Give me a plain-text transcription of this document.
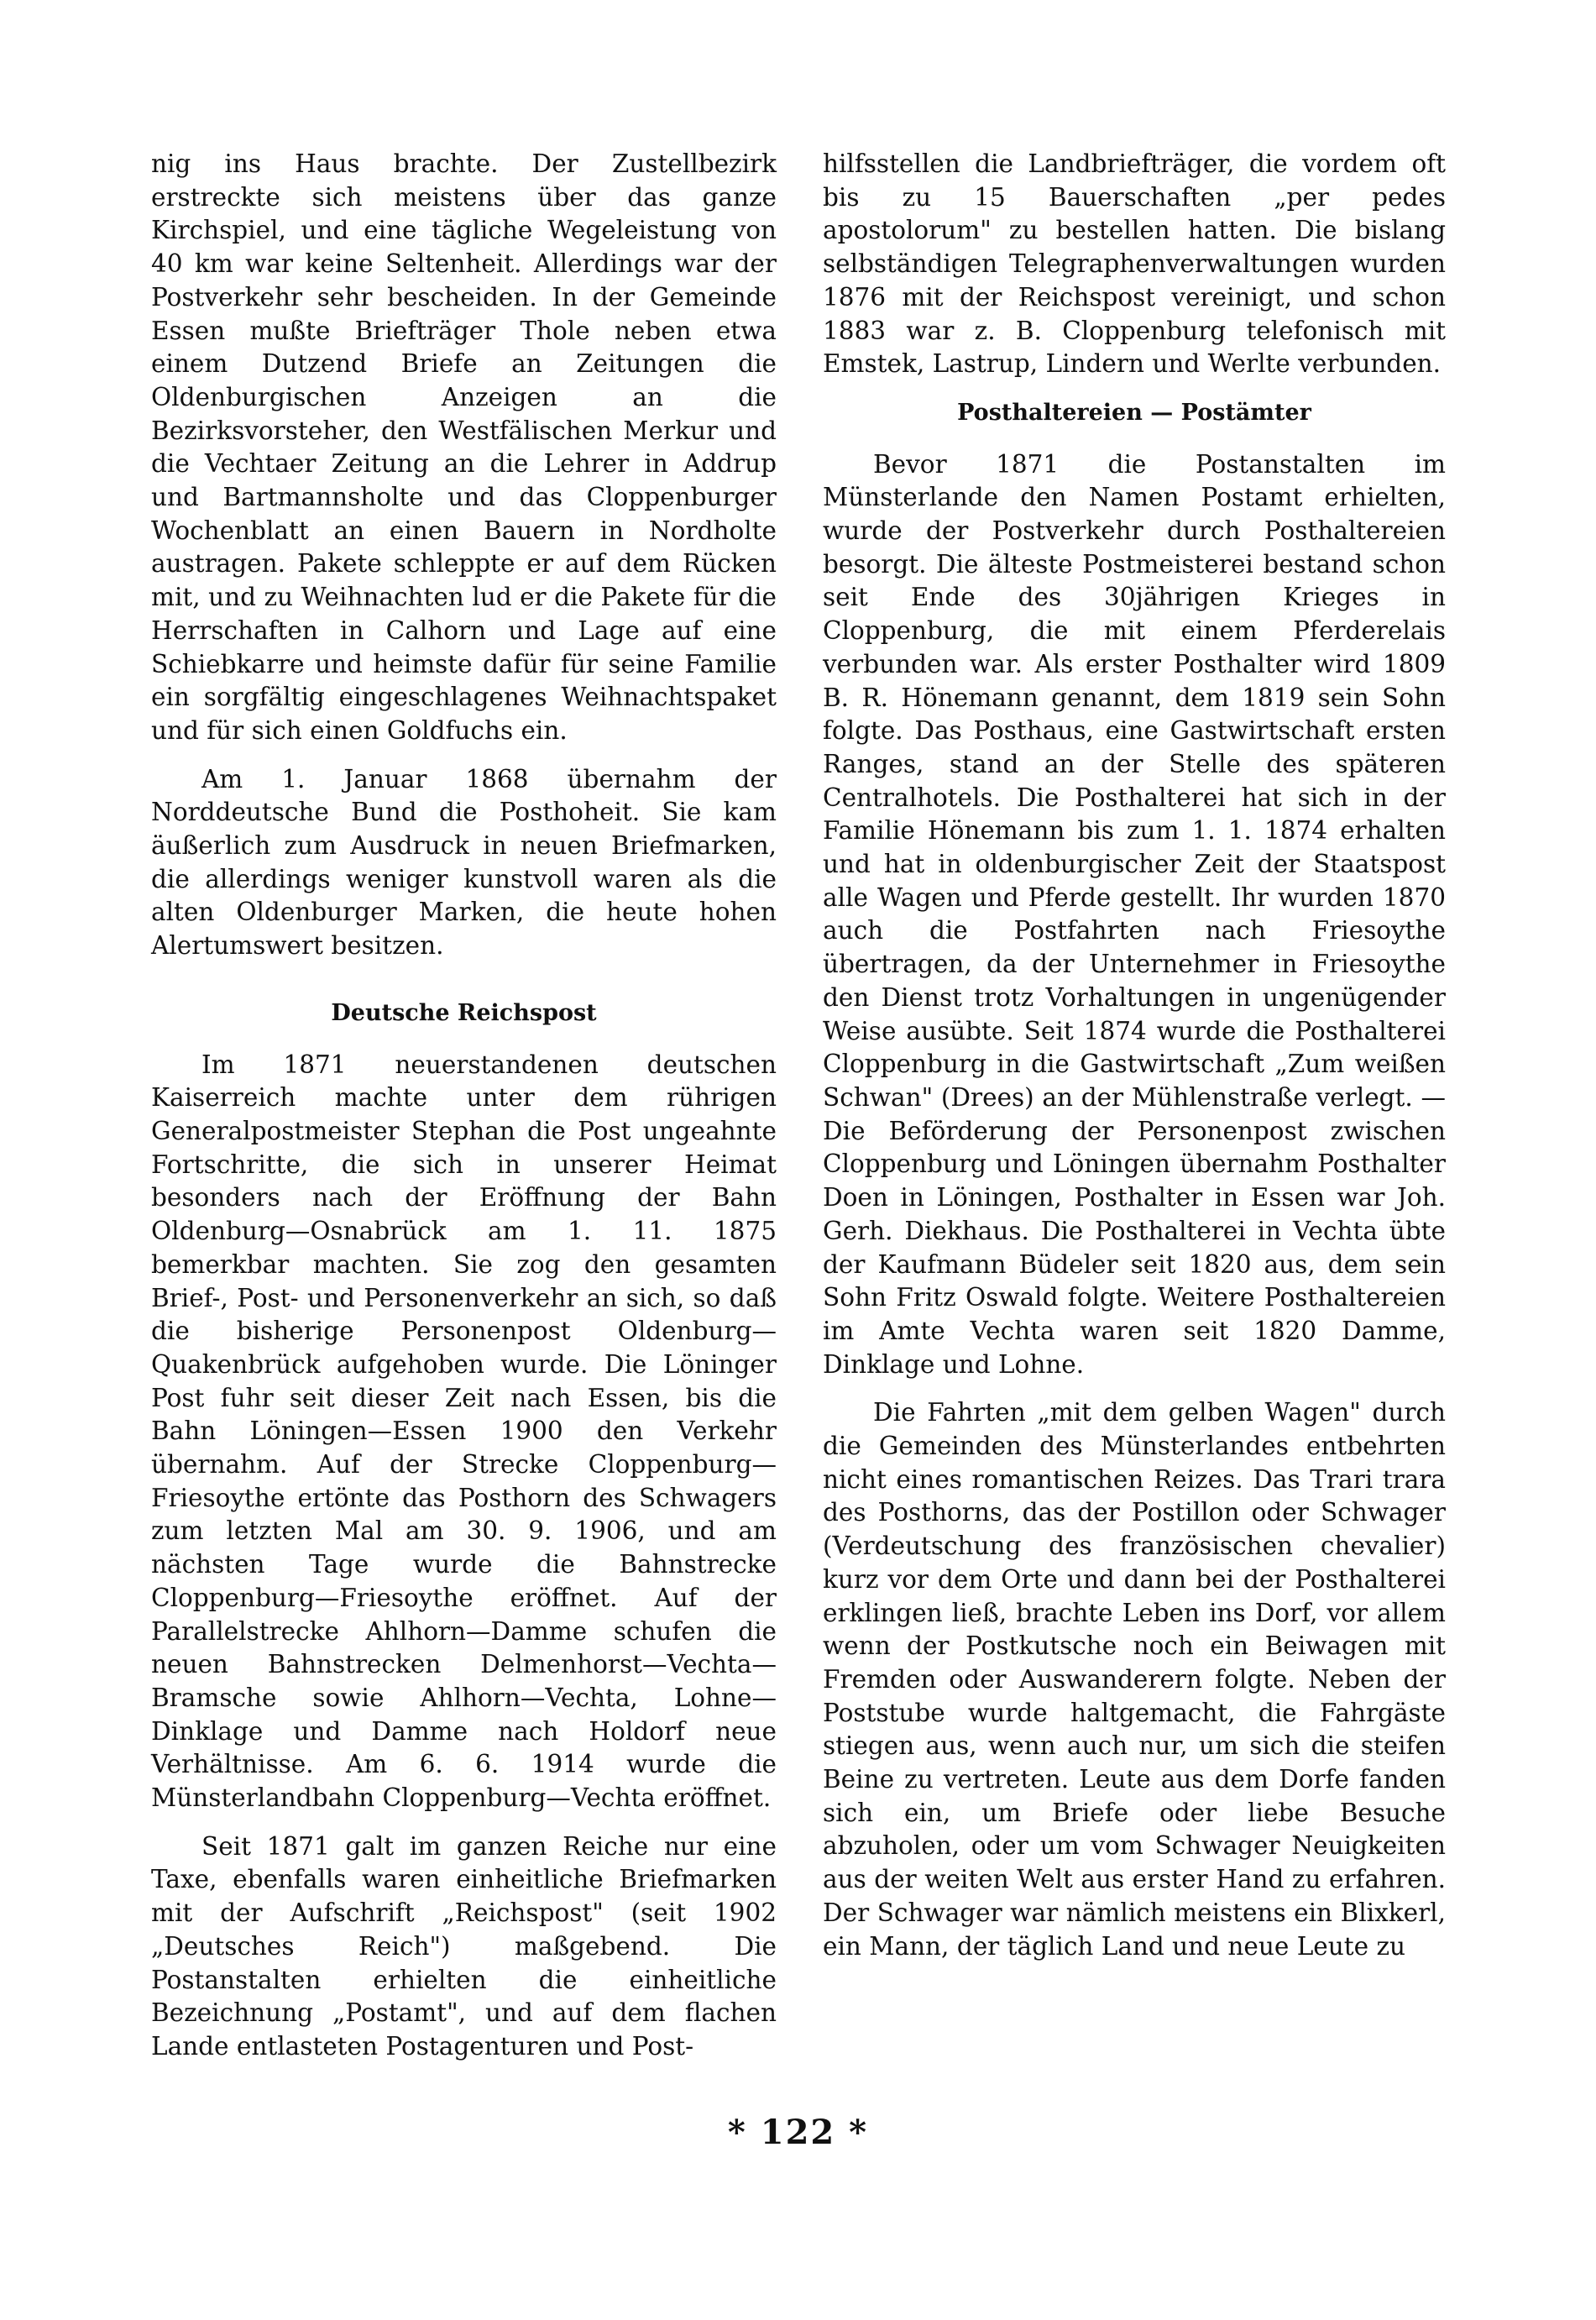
nig ins Haus brachte. Der Zustellbezirk erstreckte sich meistens über das ganze Kirchspiel, und eine tägliche Wegeleistung von 40 km war keine Seltenheit. Allerdings war der Postverkehr sehr bescheiden. In der Gemeinde Essen mußte Briefträger Thole neben etwa einem Dutzend Briefe an Zeitungen die Oldenburgischen Anzeigen an die Bezirksvorsteher, den Westfälischen Merkur und die Vechtaer Zeitung an die Lehrer in Addrup und Bartmannsholte und das Cloppenburger Wochenblatt an einen Bauern in Nordholte austragen. Pakete schleppte er auf dem Rücken mit, und zu Weihnachten lud er die Pakete für die Herrschaften in Calhorn und Lage auf eine Schiebkarre und heimste dafür für seine Familie ein sorgfältig eingeschlagenes Weihnachtspaket und für sich einen Goldfuchs ein.

Am 1. Januar 1868 übernahm der Norddeutsche Bund die Posthoheit. Sie kam äußerlich zum Ausdruck in neuen Briefmarken, die allerdings weniger kunstvoll waren als die alten Oldenburger Marken, die heute hohen Alertumswert besitzen.

Deutsche Reichspost

Im 1871 neuerstandenen deutschen Kaiserreich machte unter dem rührigen Generalpostmeister Stephan die Post ungeahnte Fortschritte, die sich in unserer Heimat besonders nach der Eröffnung der Bahn Oldenburg—Osnabrück am 1. 11. 1875 bemerkbar machten. Sie zog den gesamten Brief-, Post- und Personenverkehr an sich, so daß die bisherige Personenpost Oldenburg—Quakenbrück aufgehoben wurde. Die Löninger Post fuhr seit dieser Zeit nach Essen, bis die Bahn Löningen—Essen 1900 den Verkehr übernahm. Auf der Strecke Cloppenburg—Friesoythe ertönte das Posthorn des Schwagers zum letzten Mal am 30. 9. 1906, und am nächsten Tage wurde die Bahnstrecke Cloppenburg—Friesoythe eröffnet. Auf der Parallelstrecke Ahlhorn—Damme schufen die neuen Bahnstrecken Delmenhorst—Vechta—Bramsche sowie Ahlhorn—Vechta, Lohne—Dinklage und Damme nach Holdorf neue Verhältnisse. Am 6. 6. 1914 wurde die Münsterlandbahn Cloppenburg—Vechta eröffnet.

Seit 1871 galt im ganzen Reiche nur eine Taxe, ebenfalls waren einheitliche Briefmarken mit der Aufschrift „Reichspost" (seit 1902 „Deutsches Reich") maßgebend. Die Postanstalten erhielten die einheitliche Bezeichnung „Postamt", und auf dem flachen Lande entlasteten Postagenturen und Post-

hilfsstellen die Landbriefträger, die vordem oft bis zu 15 Bauerschaften „per pedes apostolorum" zu bestellen hatten. Die bislang selbständigen Telegraphenverwaltungen wurden 1876 mit der Reichspost vereinigt, und schon 1883 war z. B. Cloppenburg telefonisch mit Emstek, Lastrup, Lindern und Werlte verbunden.

Posthaltereien — Postämter

Bevor 1871 die Postanstalten im Münsterlande den Namen Postamt erhielten, wurde der Postverkehr durch Posthaltereien besorgt. Die älteste Postmeisterei bestand schon seit Ende des 30jährigen Krieges in Cloppenburg, die mit einem Pferderelais verbunden war. Als erster Posthalter wird 1809 B. R. Hönemann genannt, dem 1819 sein Sohn folgte. Das Posthaus, eine Gastwirtschaft ersten Ranges, stand an der Stelle des späteren Centralhotels. Die Posthalterei hat sich in der Familie Hönemann bis zum 1. 1. 1874 erhalten und hat in oldenburgischer Zeit der Staatspost alle Wagen und Pferde gestellt. Ihr wurden 1870 auch die Postfahrten nach Friesoythe übertragen, da der Unternehmer in Friesoythe den Dienst trotz Vorhaltungen in ungenügender Weise ausübte. Seit 1874 wurde die Posthalterei Cloppenburg in die Gastwirtschaft „Zum weißen Schwan" (Drees) an der Mühlenstraße verlegt. — Die Beförderung der Personenpost zwischen Cloppenburg und Löningen übernahm Posthalter Doen in Löningen, Posthalter in Essen war Joh. Gerh. Diekhaus. Die Posthalterei in Vechta übte der Kaufmann Büdeler seit 1820 aus, dem sein Sohn Fritz Oswald folgte. Weitere Posthaltereien im Amte Vechta waren seit 1820 Damme, Dinklage und Lohne.

Die Fahrten „mit dem gelben Wagen" durch die Gemeinden des Münsterlandes entbehrten nicht eines romantischen Reizes. Das Trari trara des Posthorns, das der Postillon oder Schwager (Verdeutschung des französischen chevalier) kurz vor dem Orte und dann bei der Posthalterei erklingen ließ, brachte Leben ins Dorf, vor allem wenn der Postkutsche noch ein Beiwagen mit Fremden oder Auswanderern folgte. Neben der Poststube wurde haltgemacht, die Fahrgäste stiegen aus, wenn auch nur, um sich die steifen Beine zu vertreten. Leute aus dem Dorfe fanden sich ein, um Briefe oder liebe Besuche abzuholen, oder um vom Schwager Neuigkeiten aus der weiten Welt aus erster Hand zu erfahren. Der Schwager war nämlich meistens ein Blixkerl, ein Mann, der täglich Land und neue Leute zu

* 122 *
